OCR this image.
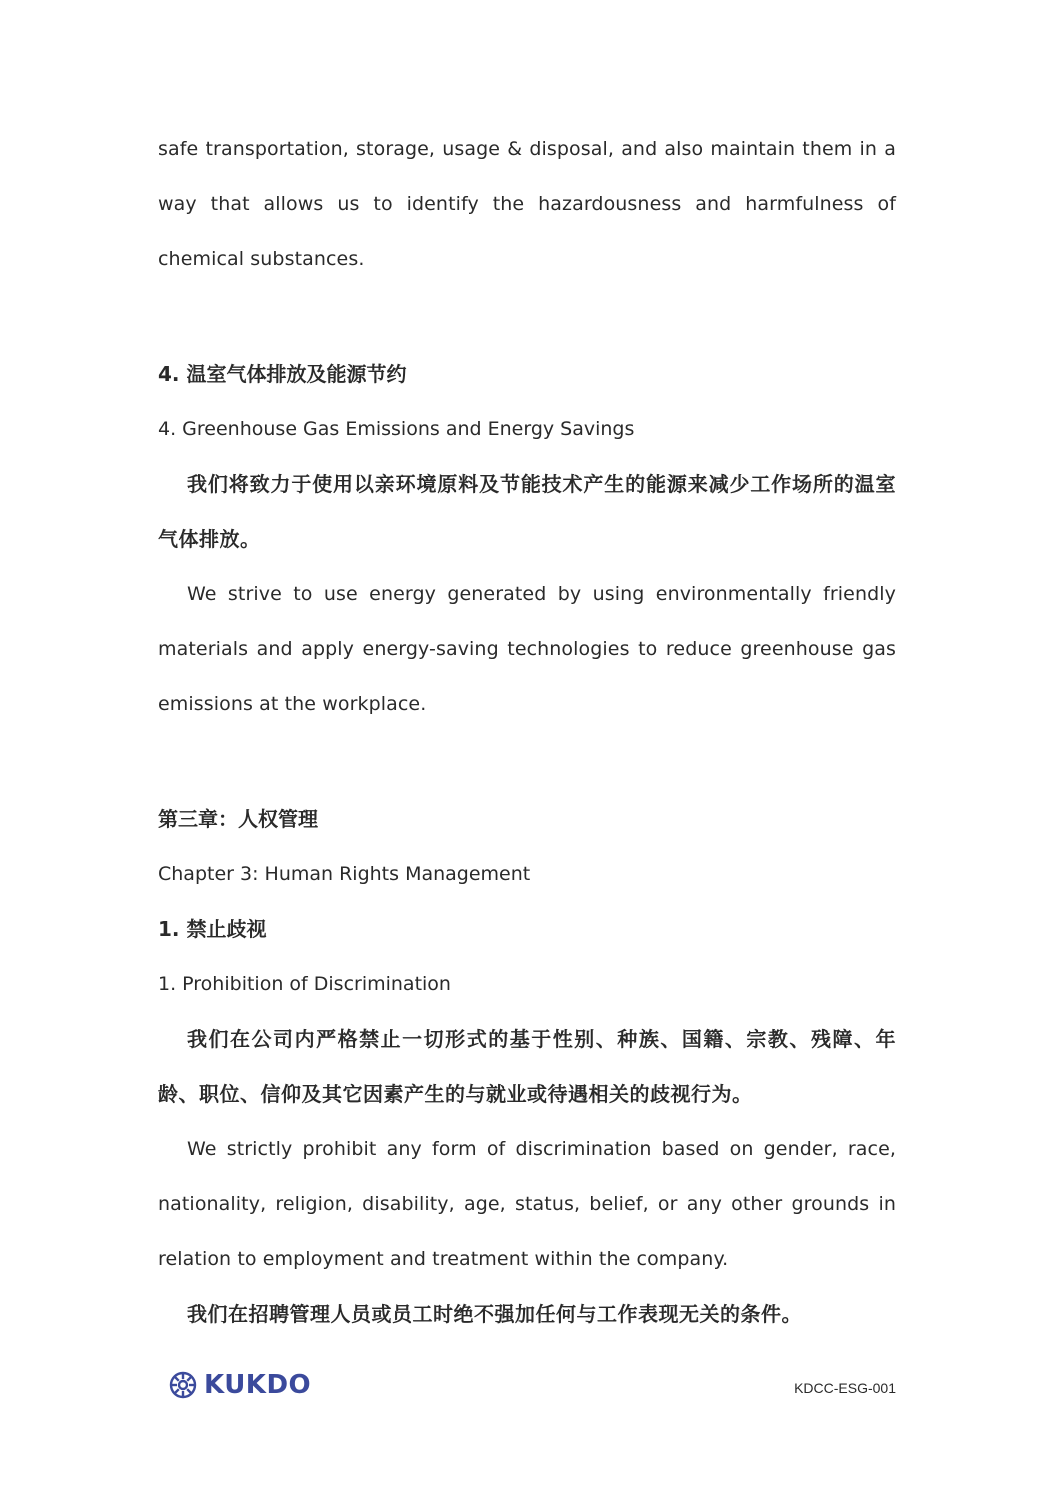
safe transportation, storage, usage & disposal, and also maintain them in a way that allows us to identify the hazardousness and harmfulness of chemical substances.

4. 温室气体排放及能源节约

4. Greenhouse Gas Emissions and Energy Savings

我们将致力于使用以亲环境原料及节能技术产生的能源来减少工作场所的温室气体排放。

We strive to use energy generated by using environmentally friendly materials and apply energy-saving technologies to reduce greenhouse gas emissions at the workplace.

第三章：人权管理

Chapter 3: Human Rights Management

1. 禁止歧视

1. Prohibition of Discrimination

我们在公司内严格禁止一切形式的基于性别、种族、国籍、宗教、残障、年龄、职位、信仰及其它因素产生的与就业或待遇相关的歧视行为。

We strictly prohibit any form of discrimination based on gender, race, nationality, religion, disability, age, status, belief, or any other grounds in relation to employment and treatment within the company.

我们在招聘管理人员或员工时绝不强加任何与工作表现无关的条件。

KUKDO	KDCC-ESG-001
